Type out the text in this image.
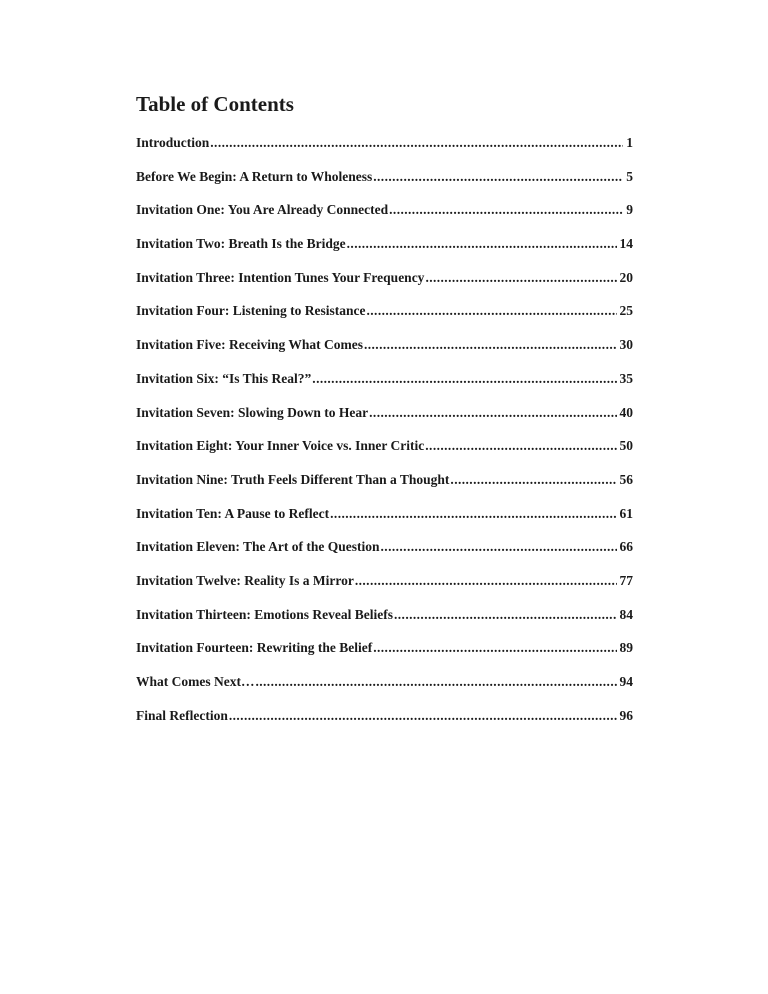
Table of Contents
Introduction .....	1
Before We Begin: A Return to Wholeness .....	5
Invitation One: You Are Already Connected .....	9
Invitation Two: Breath Is the Bridge .....	14
Invitation Three: Intention Tunes Your Frequency .....	20
Invitation Four: Listening to Resistance .....	25
Invitation Five: Receiving What Comes .....	30
Invitation Six: “Is This Real?” .....	35
Invitation Seven: Slowing Down to Hear .....	40
Invitation Eight: Your Inner Voice vs. Inner Critic .....	50
Invitation Nine: Truth Feels Different Than a Thought .....	56
Invitation Ten: A Pause to Reflect .....	61
Invitation Eleven: The Art of the Question .....	66
Invitation Twelve: Reality Is a Mirror .....	77
Invitation Thirteen: Emotions Reveal Beliefs .....	84
Invitation Fourteen: Rewriting the Belief .....	89
What Comes Next… .....	94
Final Reflection .....	96
